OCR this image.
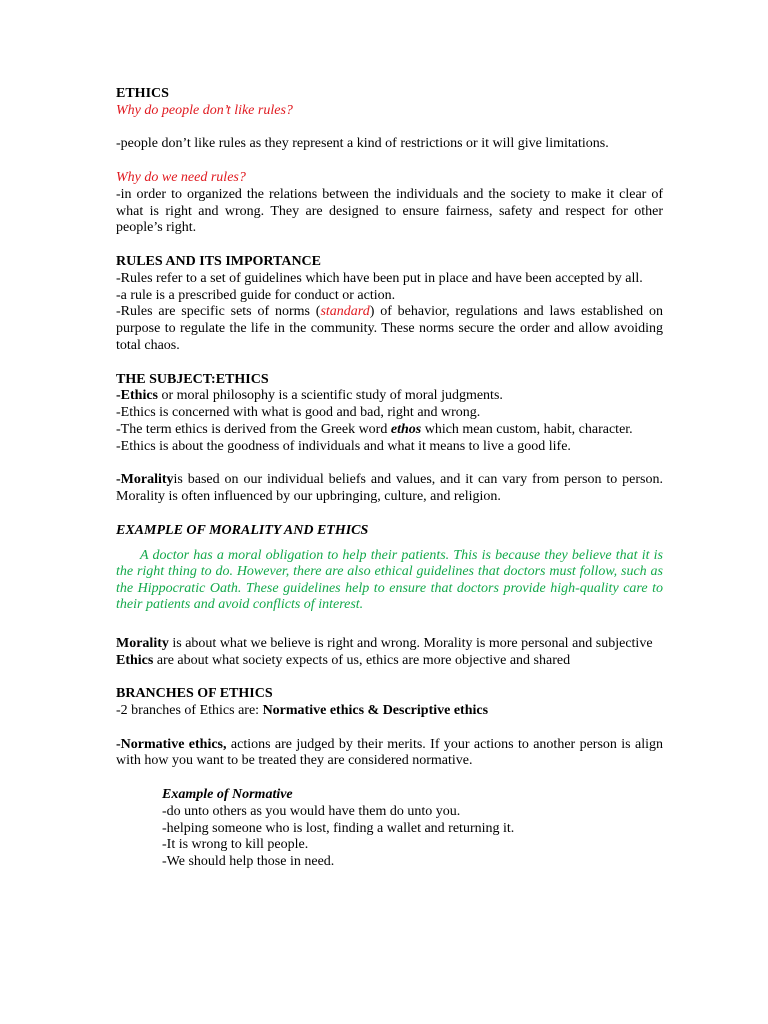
ETHICS

Why do people don’t like rules?

-people don’t like rules as they represent a kind of restrictions or it will give limitations.

Why do we need rules?

-in order to organized the relations between the individuals and the society to make it clear of what is right and wrong. They are designed to ensure fairness, safety and respect for other people’s right.

RULES AND ITS IMPORTANCE

-Rules refer to a set of guidelines which have been put in place and have been accepted by all.

-a rule is a prescribed guide for conduct or action.

-Rules are specific sets of norms (standard) of behavior, regulations and laws established on purpose to regulate the life in the community. These norms secure the order and allow avoiding total chaos.

THE SUBJECT:ETHICS

-Ethics or moral philosophy is a scientific study of moral judgments.

-Ethics is concerned with what is good and bad, right and wrong.

-The term ethics is derived from the Greek word ethos which mean custom, habit, character.

-Ethics is about the goodness of individuals and what it means to live a good life.

-Moralityis based on our individual beliefs and values, and it can vary from person to person. Morality is often influenced by our upbringing, culture, and religion.

EXAMPLE OF MORALITY AND ETHICS

A doctor has a moral obligation to help their patients. This is because they believe that it is the right thing to do. However, there are also ethical guidelines that doctors must follow, such as the Hippocratic Oath. These guidelines help to ensure that doctors provide high-quality care to their patients and avoid conflicts of interest.

Morality is about what we believe is right and wrong. Morality is more personal and subjective

Ethics are about what society expects of us, ethics are more objective and shared

BRANCHES OF ETHICS

-2 branches of Ethics are: Normative ethics & Descriptive ethics

-Normative ethics, actions are judged by their merits. If your actions to another person is align with how you want to be treated they are considered normative.

Example of Normative

-do unto others as you would have them do unto you.

-helping someone who is lost, finding a wallet and returning it.

-It is wrong to kill people.

-We should help those in need.
